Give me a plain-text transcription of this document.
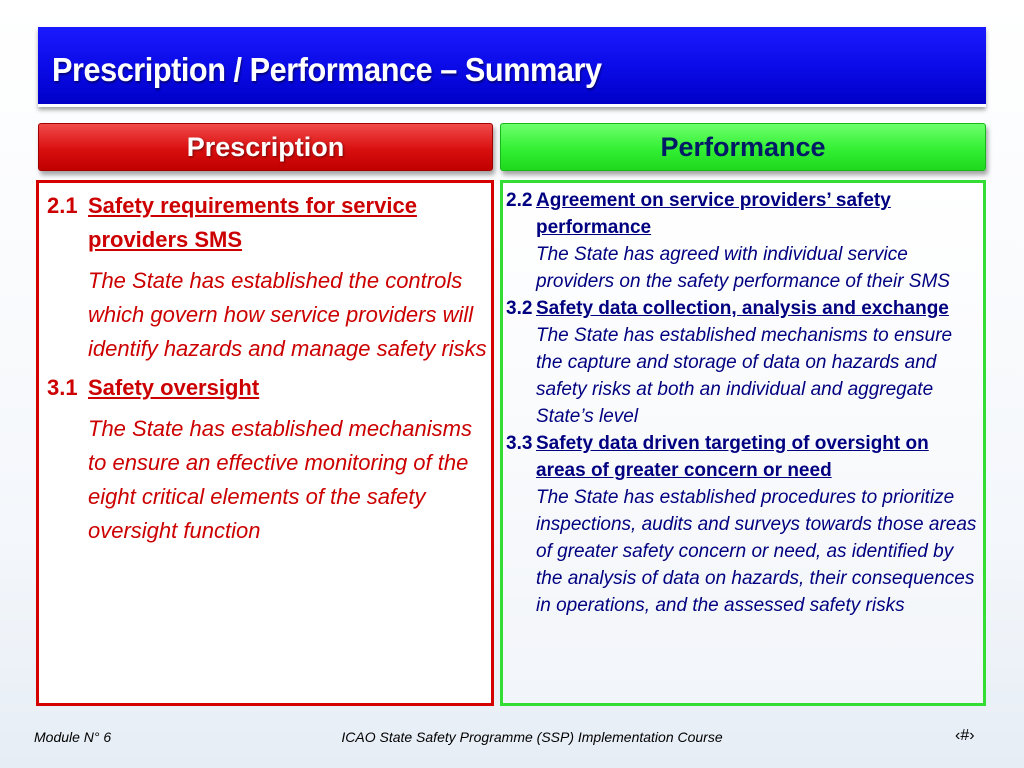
Prescription / Performance – Summary
Prescription	Performance
2.1 Safety requirements for service providers SMS
The State has established the controls which govern how service providers will identify hazards and manage safety risks
3.1 Safety oversight
The State has established mechanisms to ensure an effective monitoring of the eight critical elements of the safety oversight function
2.2 Agreement on service providers’ safety performance
The State has agreed with individual service providers on the safety performance of their SMS
3.2 Safety data collection, analysis and exchange
The State has established mechanisms to ensure the capture and storage of data on hazards and safety risks at both an individual and aggregate State’s level
3.3 Safety data driven targeting of oversight on areas of greater concern or need
The State has established procedures to prioritize inspections, audits and surveys towards those areas of greater safety concern or need, as identified by the analysis of data on hazards, their consequences in operations, and the assessed safety risks
Module N° 6	ICAO State Safety Programme (SSP) Implementation Course	‹#›
